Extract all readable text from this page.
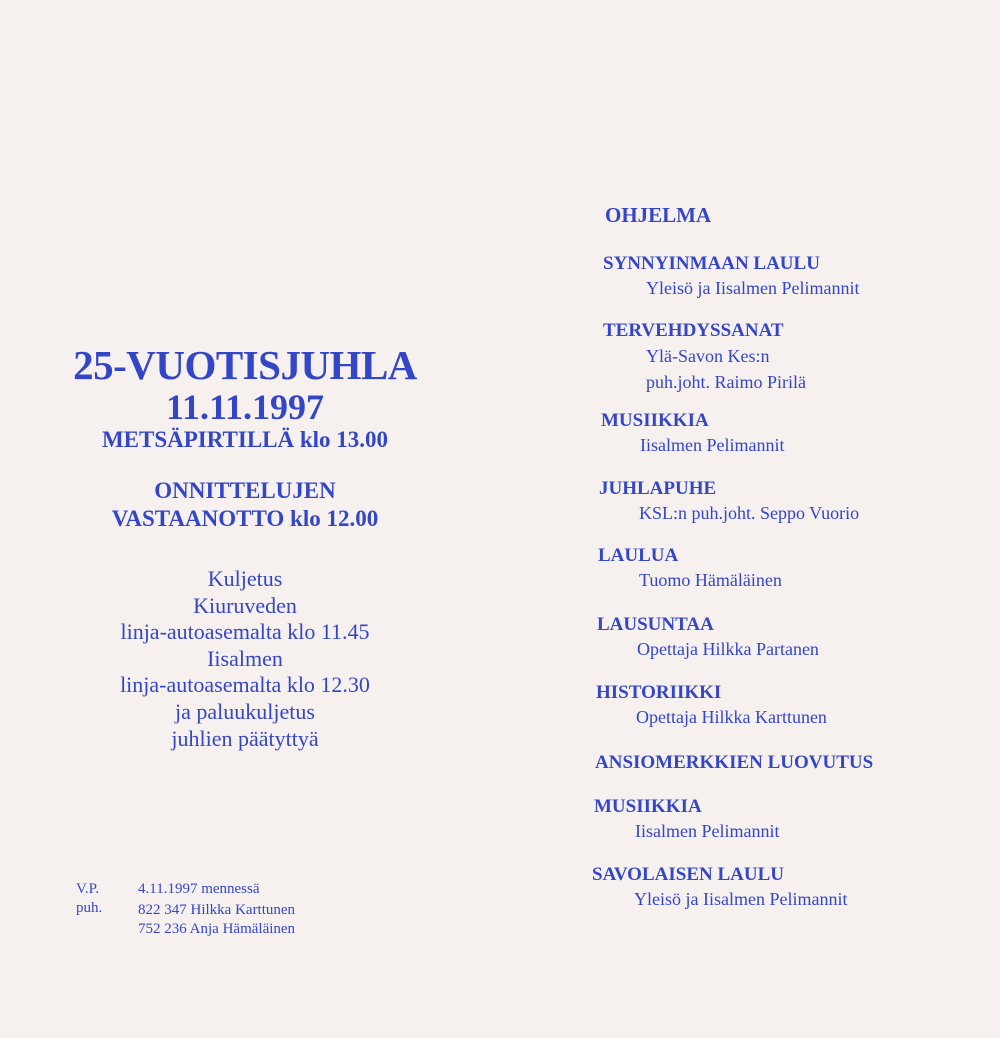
25-VUOTISJUHLA
11.11.1997
METSÄPIRTILLÄ klo 13.00
ONNITTELUJEN
VASTAANOTTO klo 12.00
Kuljetus
Kiuruveden
linja-autoasemalta klo 11.45
Iisalmen
linja-autoasemalta klo 12.30
ja paluukuljetus
juhlien päätyttyä
V.P.
puh.
4.11.1997 mennessä
822 347 Hilkka Karttunen
752 236 Anja Hämäläinen
OHJELMA
SYNNYINMAAN LAULU
Yleisö ja Iisalmen Pelimannit
TERVEHDYSSANAT
Ylä-Savon Kes:n
puh.joht. Raimo Pirilä
MUSIIKKIA
Iisalmen Pelimannit
JUHLAPUHE
KSL:n puh.joht. Seppo Vuorio
LAULUA
Tuomo Hämäläinen
LAUSUNTAA
Opettaja Hilkka Partanen
HISTORIIKKI
Opettaja Hilkka Karttunen
ANSIOMERKKIEN LUOVUTUS
MUSIIKKIA
Iisalmen Pelimannit
SAVOLAISEN LAULU
Yleisö ja Iisalmen Pelimannit
